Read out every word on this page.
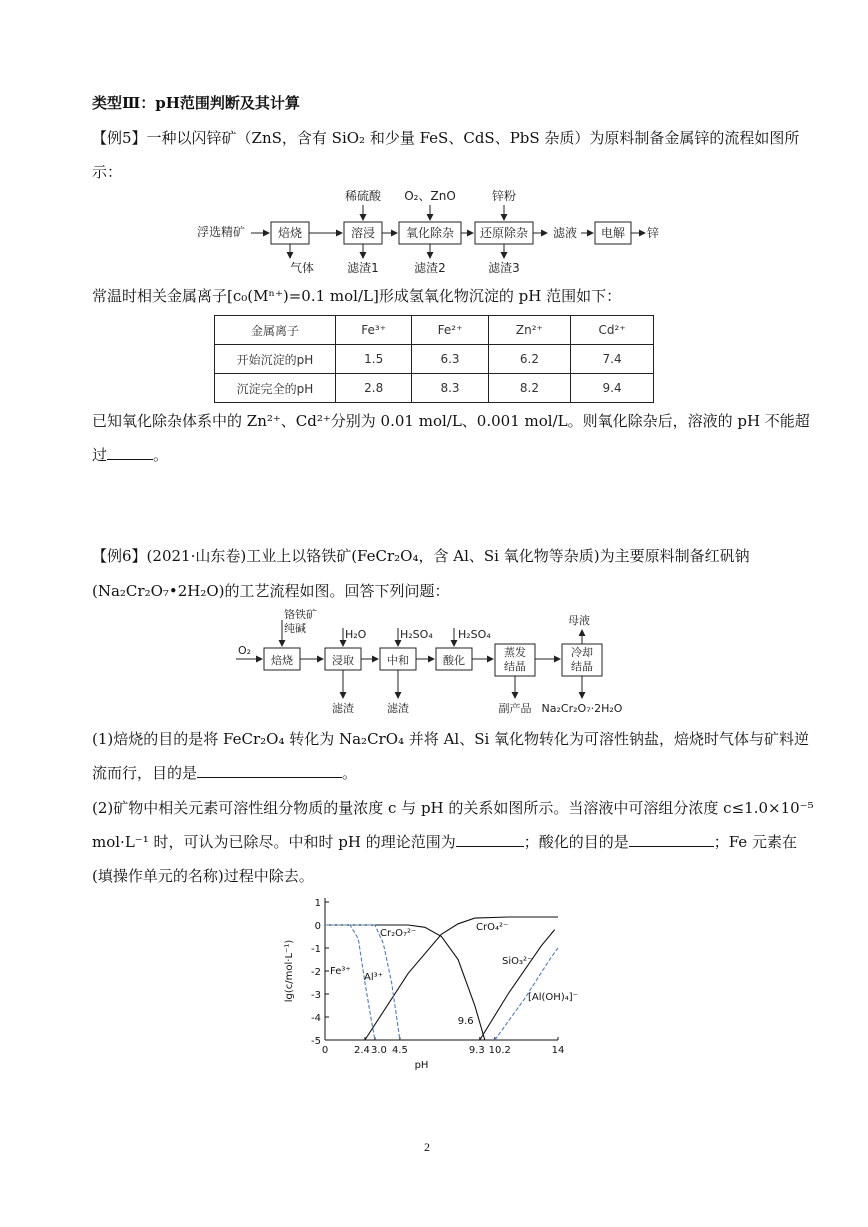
类型Ⅲ：pH范围判断及其计算
【例5】一种以闪锌矿（ZnS，含有 SiO₂ 和少量 FeS、CdS、PbS 杂质）为原料制备金属锌的流程如图所
示：
浮选精矿	焙烧	溶浸	氧化除杂 还原除杂 滤液 电解 锌
稀硫酸 O₂、ZnO	锌粉
气体	滤渣1	滤渣2	滤渣3
常温时相关金属离子[c₀(Mⁿ⁺)=0.1 mol/L]形成氢氧化物沉淀的 pH 范围如下：
金属离子	Fe³⁺	Fe²⁺	Zn²⁺	Cd²⁺
开始沉淀的pH	1.5	6.3	6.2	7.4
沉淀完全的pH	2.8	8.3	8.2	9.4
已知氧化除杂体系中的 Zn²⁺、Cd²⁺分别为 0.01 mol/L、0.001 mol/L。则氧化除杂后，溶液的 pH 不能超
过	。
【例6】(2021·山东卷)工业上以铬铁矿(FeCr₂O₄，含 Al、Si 氧化物等杂质)为主要原料制备红矾钠
(Na₂Cr₂O₇•2H₂O)的工艺流程如图。回答下列问题：
O₂
铬铁矿
纯碱
焙烧	浸取	中和	酸化
蒸发
结晶
冷却
结晶
H₂O	H₂SO₄ H₂SO₄
滤渣	滤渣	副产品 Na₂Cr₂O₇·2H₂O
母液
(1)焙烧的目的是将 FeCr₂O₄ 转化为 Na₂CrO₄ 并将 Al、Si 氧化物转化为可溶性钠盐，焙烧时气体与矿料逆
流而行，目的是	。
(2)矿物中相关元素可溶性组分物质的量浓度 c 与 pH 的关系如图所示。当溶液中可溶组分浓度 c≤1.0×10⁻⁵
mol·L⁻¹ 时，可认为已除尽。中和时 pH 的理论范围为	；酸化的目的是	；Fe 元素在
(填操作单元的名称)过程中除去。
1
0
-1
-2
-3
-4
-5
0	2.4 3.0 4.5	9.3 10.2	14
pH
lg(c/mol·L⁻¹)
Cr₂O₇²⁻
CrO₄²⁻
Fe³⁺
Al³⁺
SiO₃²⁻
[Al(OH)₄]⁻
9.6
2
